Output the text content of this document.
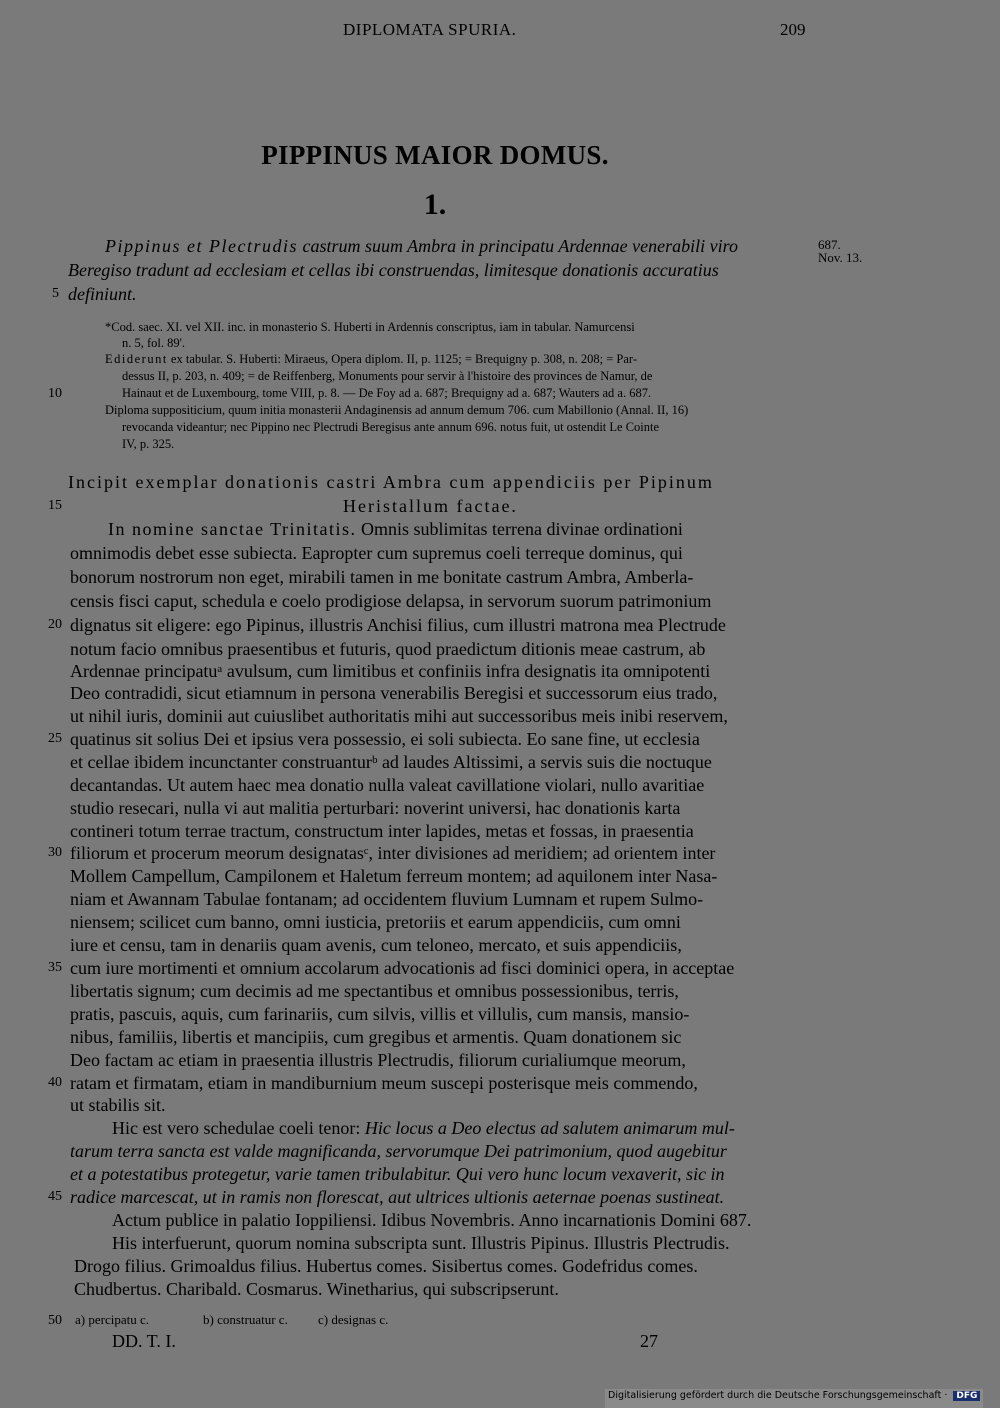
DIPLOMATA SPURIA.	209
PIPPINUS MAIOR DOMUS.
1.
687.
Nov. 13.
Pippinus et Plectrudis castrum suum Ambra in principatu Ardennae venerabili viro
Beregiso tradunt ad ecclesiam et cellas ibi construendas, limitesque donationis accuratius
definiunt.
*Cod. saec. XI. vel XII. inc. in monasterio S. Huberti in Ardennis conscriptus, iam in tabular. Namurcensi
n. 5, fol. 89'.
Ediderunt ex tabular. S. Huberti: Miraeus, Opera diplom. II, p. 1125; = Brequigny p. 308, n. 208; = Par-
dessus II, p. 203, n. 409; = de Reiffenberg, Monuments pour servir à l'histoire des provinces de Namur, de
Hainaut et de Luxembourg, tome VIII, p. 8. — De Foy ad a. 687; Brequigny ad a. 687; Wauters ad a. 687.
Diploma suppositicium, quum initia monasterii Andaginensis ad annum demum 706. cum Mabillonio (Annal. II, 16)
revocanda videantur; nec Pippino nec Plectrudi Beregisus ante annum 696. notus fuit, ut ostendit Le Cointe
IV, p. 325.
Incipit exemplar donationis castri Ambra cum appendiciis per Pipinum
Heristallum factae.
In nomine sanctae Trinitatis. Omnis sublimitas terrena divinae ordinationi
omnimodis debet esse subiecta. Eapropter cum supremus coeli terreque dominus, qui
bonorum nostrorum non eget, mirabili tamen in me bonitate castrum Ambra, Amberla-
censis fisci caput, schedula e coelo prodigiose delapsa, in servorum suorum patrimonium
dignatus sit eligere: ego Pipinus, illustris Anchisi filius, cum illustri matrona mea Plectrude
notum facio omnibus praesentibus et futuris, quod praedictum ditionis meae castrum, ab
Ardennae principatuᵃ avulsum, cum limitibus et confiniis infra designatis ita omnipotenti
Deo contradidi, sicut etiamnum in persona venerabilis Beregisi et successorum eius trado,
ut nihil iuris, dominii aut cuiuslibet authoritatis mihi aut successoribus meis inibi reservem,
quatinus sit solius Dei et ipsius vera possessio, ei soli subiecta. Eo sane fine, ut ecclesia
et cellae ibidem incunctanter construanturᵇ ad laudes Altissimi, a servis suis die noctuque
decantandas. Ut autem haec mea donatio nulla valeat cavillatione violari, nullo avaritiae
studio resecari, nulla vi aut malitia perturbari: noverint universi, hac donationis karta
contineri totum terrae tractum, constructum inter lapides, metas et fossas, in praesentia
filiorum et procerum meorum designatasᶜ, inter divisiones ad meridiem; ad orientem inter
Mollem Campellum, Campilonem et Haletum ferreum montem; ad aquilonem inter Nasa-
niam et Awannam Tabulae fontanam; ad occidentem fluvium Lumnam et rupem Sulmo-
niensem; scilicet cum banno, omni iusticia, pretoriis et earum appendiciis, cum omni
iure et censu, tam in denariis quam avenis, cum teloneo, mercato, et suis appendiciis,
cum iure mortimenti et omnium accolarum advocationis ad fisci dominici opera, in acceptae
libertatis signum; cum decimis ad me spectantibus et omnibus possessionibus, terris,
pratis, pascuis, aquis, cum farinariis, cum silvis, villis et villulis, cum mansis, mansio-
nibus, familiis, libertis et mancipiis, cum gregibus et armentis. Quam donationem sic
Deo factam ac etiam in praesentia illustris Plectrudis, filiorum curialiumque meorum,
ratam et firmatam, etiam in mandiburnium meum suscepi posterisque meis commendo,
ut stabilis sit.
Hic est vero schedulae coeli tenor: Hic locus a Deo electus ad salutem animarum mul-
tarum terra sancta est valde magnificanda, servorumque Dei patrimonium, quod augebitur
et a potestatibus protegetur, varie tamen tribulabitur. Qui vero hunc locum vexaverit, sic in
radice marcescat, ut in ramis non florescat, aut ultrices ultionis aeternae poenas sustineat.
Actum publice in palatio Ioppiliensi. Idibus Novembris. Anno incarnationis Domini 687.
His interfuerunt, quorum nomina subscripta sunt. Illustris Pipinus. Illustris Plectrudis.
Drogo filius. Grimoaldus filius. Hubertus comes. Sisibertus comes. Godefridus comes.
Chudbertus. Charibald. Cosmarus. Winetharius, qui subscripserunt.
5
10
15
20
25
30
35
40
45
50 a) percipatu c.	b) construatur c. c) designas c.
DD. T. I.	27
Digitalisierung gefördert durch die Deutsche Forschungsgemeinschaft · DFG
